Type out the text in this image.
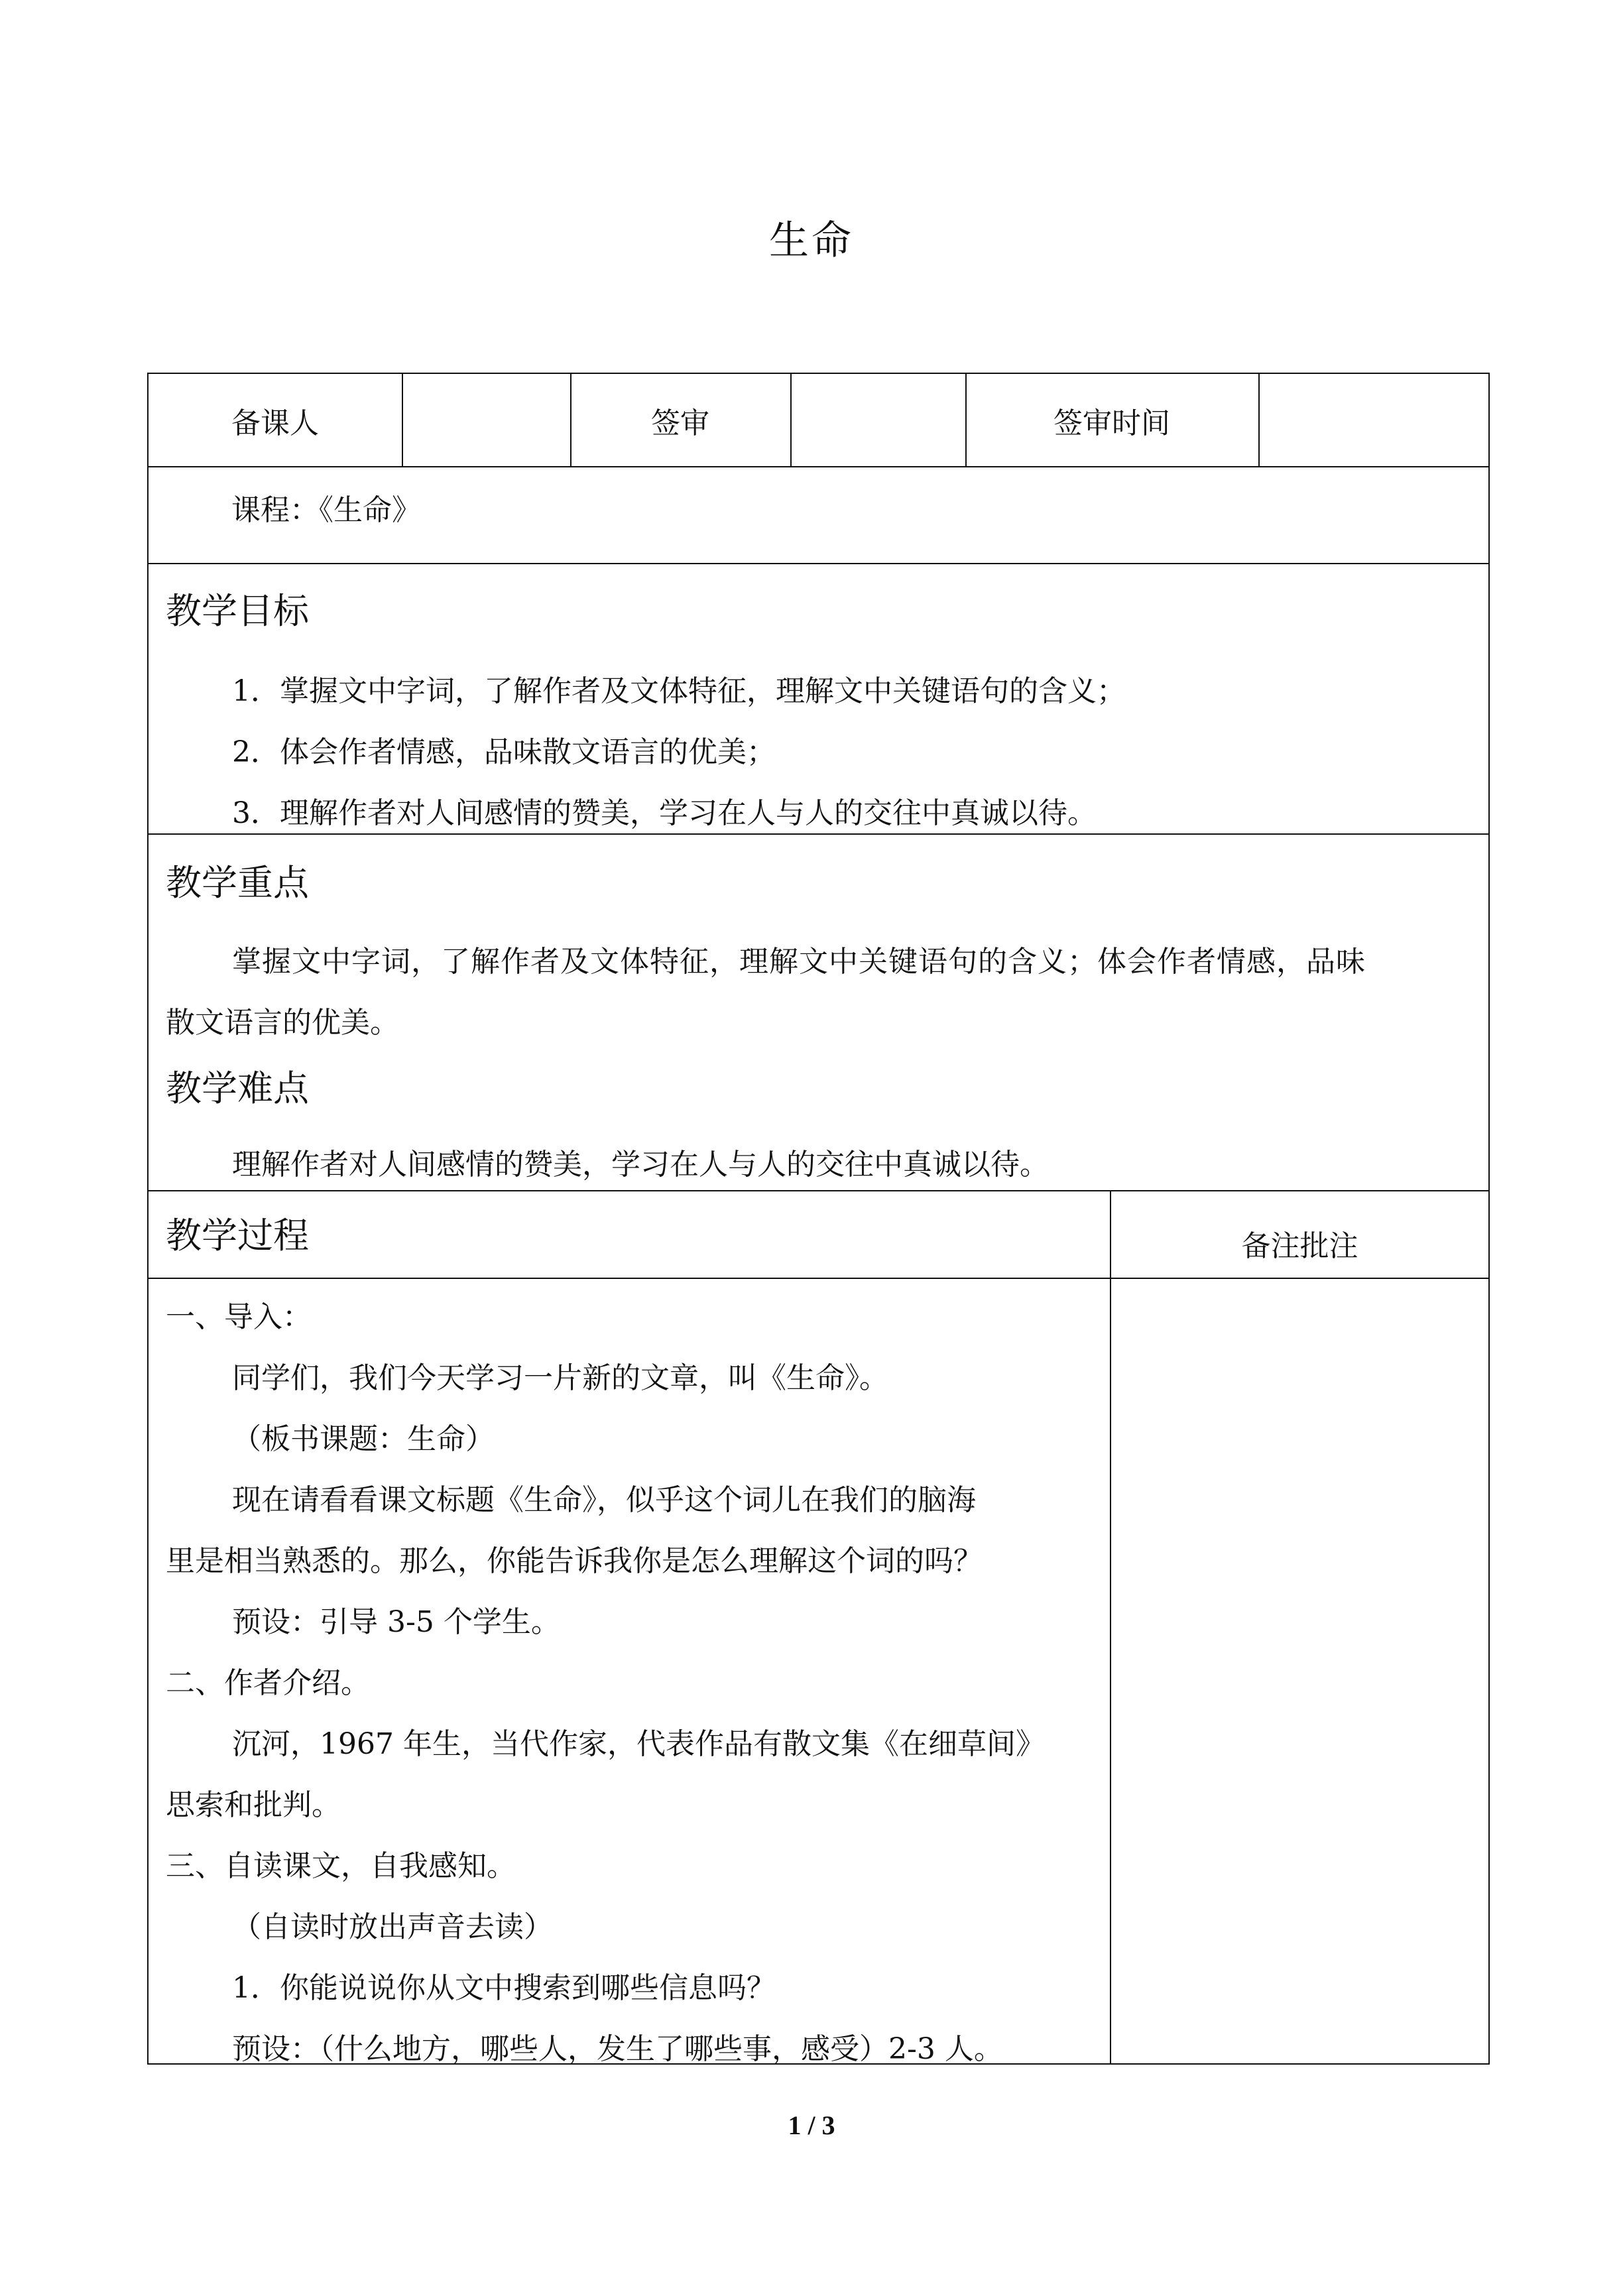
生命
备课人	签审	签审时间
课程：《生命》
教学目标
1．掌握文中字词，了解作者及文体特征，理解文中关键语句的含义；
2．体会作者情感，品味散文语言的优美；
3．理解作者对人间感情的赞美，学习在人与人的交往中真诚以待。
教学重点
掌握文中字词，了解作者及文体特征，理解文中关键语句的含义；体会作者情感，品味
散文语言的优美。
教学难点
理解作者对人间感情的赞美，学习在人与人的交往中真诚以待。
教学过程	备注批注
一、导入：
同学们，我们今天学习一片新的文章，叫《生命》。
（板书课题：生命）
现在请看看课文标题《生命》，似乎这个词儿在我们的脑海
里是相当熟悉的。那么，你能告诉我你是怎么理解这个词的吗？
预设：引导 3-5 个学生。
二、作者介绍。
沉河，1967 年生，当代作家，代表作品有散文集《在细草间》
思索和批判。
三、自读课文，自我感知。
（自读时放出声音去读）
1．你能说说你从文中搜索到哪些信息吗？
预设：（什么地方，哪些人，发生了哪些事，感受）2-3 人。
1 / 3
